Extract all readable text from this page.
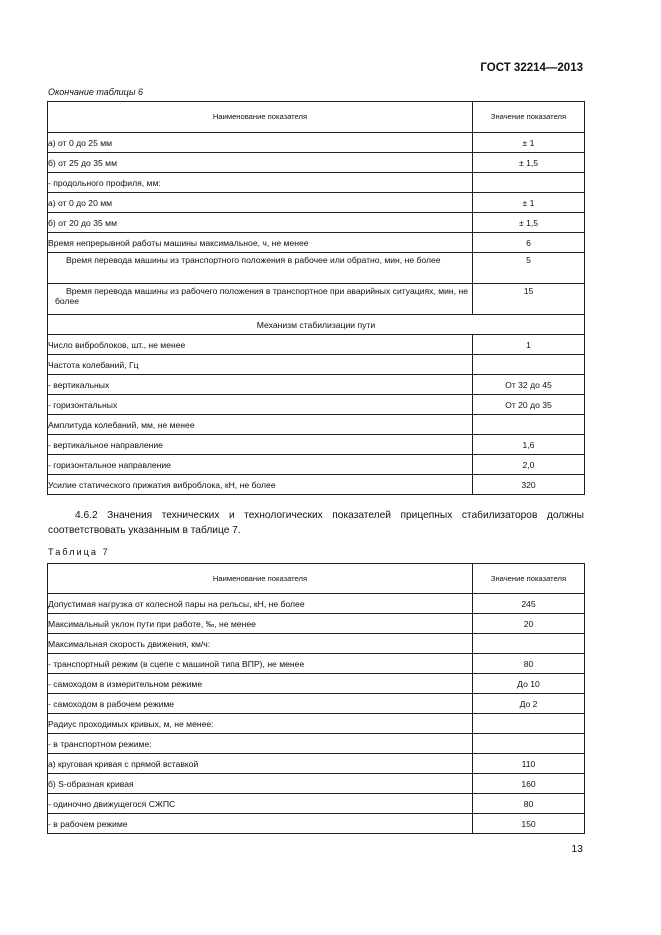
ГОСТ 32214—2013
Окончание таблицы 6
Наименование показателя	Значение показателя
а) от 0 до 25 мм	± 1
б) от 25 до 35 мм	± 1,5
- продольного профиля, мм:	
а) от 0 до 20 мм	± 1
б) от 20 до 35 мм	± 1,5
Время непрерывной работы машины максимальное, ч, не менее	6
Время перевода машины из транспортного положения в рабочее или обратно, мин, не более	5
Время перевода машины из рабочего положения в транспортное при аварийных ситуациях, мин, не более	15
Механизм стабилизации пути	
Число виброблоков, шт., не менее	1
Частота колебаний, Гц	
- вертикальных	От 32 до 45
- горизонтальных	От 20 до 35
Амплитуда колебаний, мм, не менее	
- вертикальное направление	1,6
- горизонтальное направление	2,0
Усилие статического прижатия виброблока, кН, не более	320
4.6.2 Значения технических и технологических показателей прицепных стабилизаторов должны соответствовать указанным в таблице 7.
Таблица 7
Наименование показателя	Значение показателя
Допустимая нагрузка от колесной пары на рельсы, кН, не более	245
Максимальный уклон пути при работе, ‰, не менее	20
Максимальная скорость движения, км/ч:	
- транспортный режим (в сцепе с машиной типа ВПР), не менее	80
- самоходом в измерительном режиме	До 10
- самоходом в рабочем режиме	До 2
Радиус проходимых кривых, м, не менее:	
- в транспортном режиме:	
а) круговая кривая с прямой вставкой	110
б) S-образная кривая	160
- одиночно движущегося СЖПС	80
- в рабочем режиме	150
13
